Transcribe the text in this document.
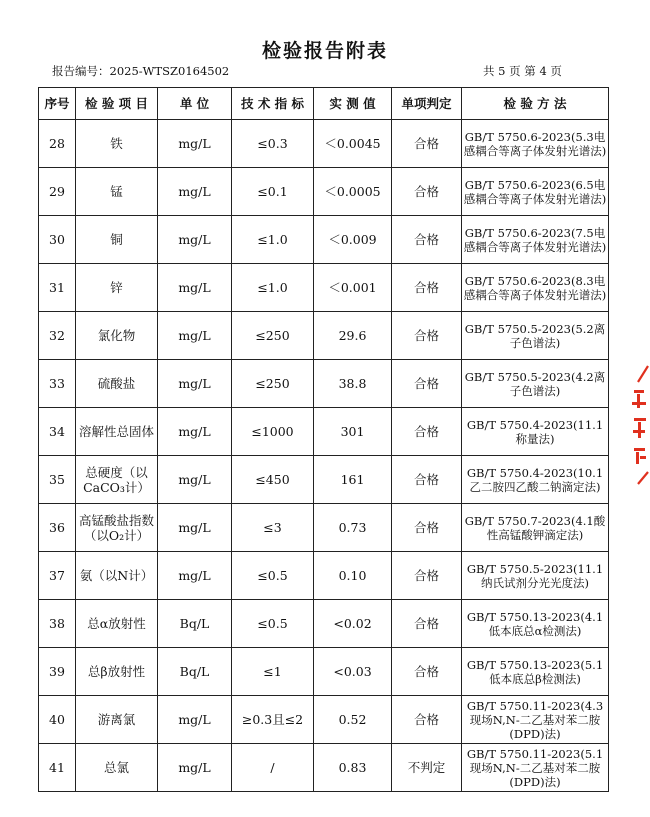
检验报告附表
报告编号：2025-WTSZ0164502	共 5 页 第 4 页
序号	检 验 项 目	单 位	技 术 指 标	实 测 值	单项判定	检 验 方 法
28	铁	mg/L	≤0.3	＜0.0045	合格	GB/T 5750.6-2023(5.3电感耦合等离子体发射光谱法)
29	锰	mg/L	≤0.1	＜0.0005	合格	GB/T 5750.6-2023(6.5电感耦合等离子体发射光谱法)
30	铜	mg/L	≤1.0	＜0.009	合格	GB/T 5750.6-2023(7.5电感耦合等离子体发射光谱法)
31	锌	mg/L	≤1.0	＜0.001	合格	GB/T 5750.6-2023(8.3电感耦合等离子体发射光谱法)
32	氯化物	mg/L	≤250	29.6	合格	GB/T 5750.5-2023(5.2离子色谱法)
33	硫酸盐	mg/L	≤250	38.8	合格	GB/T 5750.5-2023(4.2离子色谱法)
34	溶解性总固体	mg/L	≤1000	301	合格	GB/T 5750.4-2023(11.1称量法)
35	总硬度（以CaCO₃计）	mg/L	≤450	161	合格	GB/T 5750.4-2023(10.1乙二胺四乙酸二钠滴定法)
36	高锰酸盐指数（以O₂计）	mg/L	≤3	0.73	合格	GB/T 5750.7-2023(4.1酸性高锰酸钾滴定法)
37	氨（以N计）	mg/L	≤0.5	0.10	合格	GB/T 5750.5-2023(11.1纳氏试剂分光光度法)
38	总α放射性	Bq/L	≤0.5	<0.02	合格	GB/T 5750.13-2023(4.1低本底总α检测法)
39	总β放射性	Bq/L	≤1	<0.03	合格	GB/T 5750.13-2023(5.1低本底总β检测法)
40	游离氯	mg/L	≥0.3且≤2	0.52	合格	GB/T 5750.11-2023(4.3现场N,N-二乙基对苯二胺(DPD)法)
41	总氯	mg/L	/	0.83	不判定	GB/T 5750.11-2023(5.1现场N,N-二乙基对苯二胺(DPD)法)
